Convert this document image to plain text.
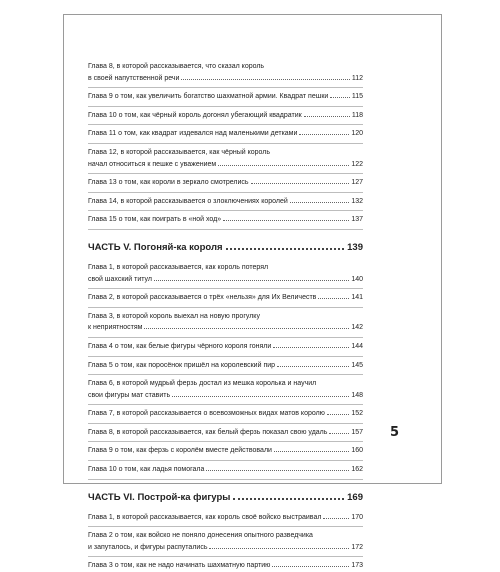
Глава 8, в которой рассказывается, что сказал король
в своей напутственной речи	112
Глава 9 о том, как увеличить богатство шахматной армии. Квадрат пешки	115
Глава 10 о том, как чёрный король догонял убегающий квадратик	118
Глава 11 о том, как квадрат издевался над маленькими детками	120
Глава 12, в которой рассказывается, как чёрный король
начал относиться к пешке с уважением	122
Глава 13 о том, как короли в зеркало смотрелись	127
Глава 14, в которой рассказывается о злоключениях королей	132
Глава 15 о том, как поиграть в «ной ход»	137
ЧАСТЬ V. Погоняй-ка короля	139
Глава 1, в которой рассказывается, как король потерял
свой шахский титул	140
Глава 2, в которой рассказывается о трёх «нельзя» для Их Величеств	141
Глава 3, в которой король выехал на новую прогулку
к неприятностям	142
Глава 4 о том, как белые фигуры чёрного короля гоняли	144
Глава 5 о том, как поросёнок пришёл на королевский пир	145
Глава 6, в которой мудрый ферзь достал из мешка королька и научил
свои фигуры мат ставить	148
Глава 7, в которой рассказывается о всевозможных видах матов королю	152
Глава 8, в которой рассказывается, как белый ферзь показал свою удаль	157
Глава 9 о том, как ферзь с королём вместе действовали	160
Глава 10 о том, как ладья помогала	162
ЧАСТЬ VI. Построй-ка фигуры	169
Глава 1, в которой рассказывается, как король своё войско выстраивал	170
Глава 2 о том, как войско не поняло донесения опытного разведчика
и запуталось, и фигуры распутались	172
Глава 3 о том, как не надо начинать шахматную партию	173
5
